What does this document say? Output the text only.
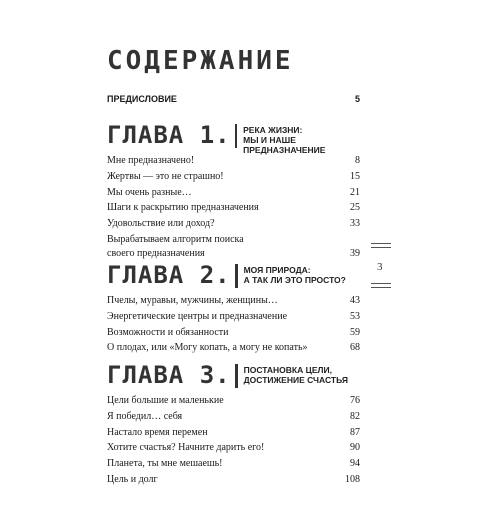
СОДЕРЖАНИЕ
ПРЕДИСЛОВИЕ	5
ГЛАВА 1. РЕКА ЖИЗНИ:
МЫ И НАШЕ ПРЕДНАЗНАЧЕНИЕ
Мне предназначено!	8
Жертвы — это не страшно!	15
Мы очень разные…	21
Шаги к раскрытию предназначения	25
Удовольствие или доход?	33
Вырабатываем алгоритм поиска своего предназначения	39
ГЛАВА 2. МОЯ ПРИРОДА:
А ТАК ЛИ ЭТО ПРОСТО?
Пчелы, муравьи, мужчины, женщины…	43
Энергетические центры и предназначение	53
Возможности и обязанности	59
О плодах, или «Могу копать, а могу не копать»	68
ГЛАВА 3. ПОСТАНОВКА ЦЕЛИ,
ДОСТИЖЕНИЕ СЧАСТЬЯ
Цели большие и маленькие	76
Я победил… себя	82
Настало время перемен	87
Хотите счастья? Начните дарить его!	90
Планета, ты мне мешаешь!	94
Цель и долг	108
3
